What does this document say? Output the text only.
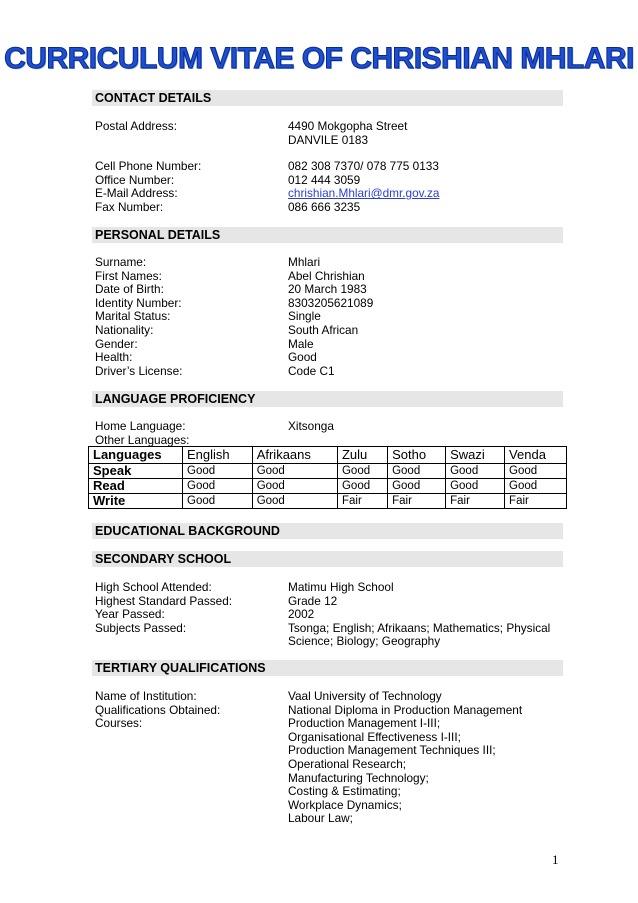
CURRICULUM VITAE OF CHRISHIAN MHLARI
CONTACT DETAILS
Postal Address:	4490 Mokgopha Street
DANVILE 0183
Cell Phone Number:	082 308 7370/ 078 775 0133
Office Number:	012 444 3059
E-Mail Address:	chrishian.Mhlari@dmr.gov.za
Fax Number:	086 666 3235
PERSONAL DETAILS
Surname:	Mhlari
First Names:	Abel Chrishian
Date of Birth:	20 March 1983
Identity Number:	8303205621089
Marital Status:	Single
Nationality:	South African
Gender:	Male
Health:	Good
Driver’s License:	Code C1
LANGUAGE PROFICIENCY
Home Language:	Xitsonga
Other Languages:
Languages	English	Afrikaans	Zulu	Sotho	Swazi	Venda
Speak	Good	Good	Good	Good	Good	Good
Read	Good	Good	Good	Good	Good	Good
Write	Good	Good	Fair	Fair	Fair	Fair
EDUCATIONAL BACKGROUND
SECONDARY SCHOOL
High School Attended:	Matimu High School
Highest Standard Passed:	Grade 12
Year Passed:	2002
Subjects Passed:	Tsonga; English; Afrikaans; Mathematics; Physical
Science; Biology; Geography
TERTIARY QUALIFICATIONS
Name of Institution:	Vaal University of Technology
Qualifications Obtained:	National Diploma in Production Management
Courses:	Production Management I-III;
Organisational Effectiveness I-III;
Production Management Techniques III;
Operational Research;
Manufacturing Technology;
Costing & Estimating;
Workplace Dynamics;
Labour Law;
1
